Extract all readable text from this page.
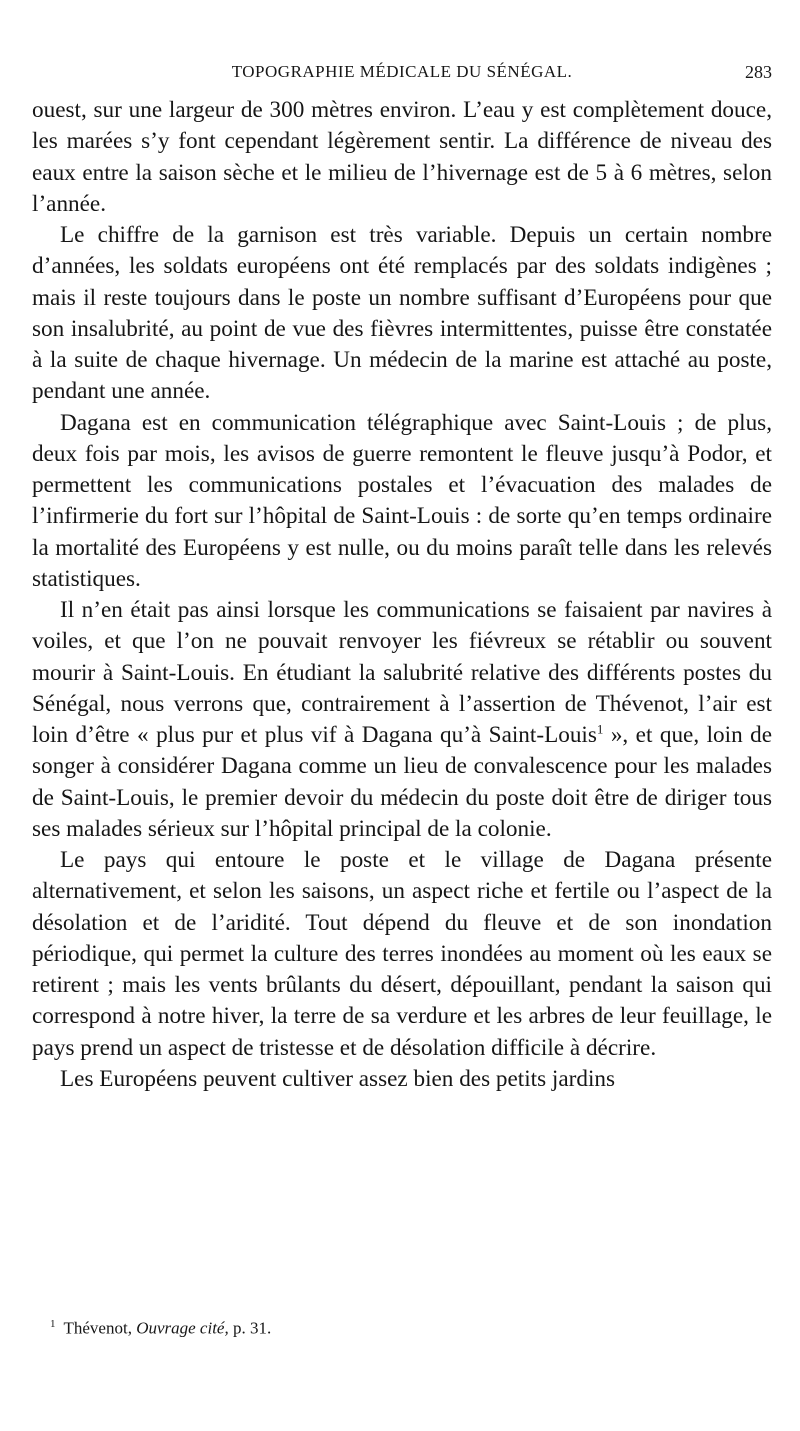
TOPOGRAPHIE MÉDICALE DU SÉNÉGAL.	283

ouest, sur une largeur de 300 mètres environ. L’eau y est complètement douce, les marées s’y font cependant légèrement sentir. La différence de niveau des eaux entre la saison sèche et le milieu de l’hivernage est de 5 à 6 mètres, selon l’année.

Le chiffre de la garnison est très variable. Depuis un certain nombre d’années, les soldats européens ont été remplacés par des soldats indigènes ; mais il reste toujours dans le poste un nombre suffisant d’Européens pour que son insalubrité, au point de vue des fièvres intermittentes, puisse être constatée à la suite de chaque hivernage. Un médecin de la marine est attaché au poste, pendant une année.

Dagana est en communication télégraphique avec Saint-Louis ; de plus, deux fois par mois, les avisos de guerre remontent le fleuve jusqu’à Podor, et permettent les communications postales et l’évacuation des malades de l’infirmerie du fort sur l’hôpital de Saint-Louis : de sorte qu’en temps ordinaire la mortalité des Européens y est nulle, ou du moins paraît telle dans les relevés statistiques.

Il n’en était pas ainsi lorsque les communications se faisaient par navires à voiles, et que l’on ne pouvait renvoyer les fiévreux se rétablir ou souvent mourir à Saint-Louis. En étudiant la salubrité relative des différents postes du Sénégal, nous verrons que, contrairement à l’assertion de Thévenot, l’air est loin d’être « plus pur et plus vif à Dagana qu’à Saint-Louis$^1$ », et que, loin de songer à considérer Dagana comme un lieu de convalescence pour les malades de Saint-Louis, le premier devoir du médecin du poste doit être de diriger tous ses malades sérieux sur l’hôpital principal de la colonie.

Le pays qui entoure le poste et le village de Dagana présente alternativement, et selon les saisons, un aspect riche et fertile ou l’aspect de la désolation et de l’aridité. Tout dépend du fleuve et de son inondation périodique, qui permet la culture des terres inondées au moment où les eaux se retirent ; mais les vents brûlants du désert, dépouillant, pendant la saison qui correspond à notre hiver, la terre de sa verdure et les arbres de leur feuillage, le pays prend un aspect de tristesse et de désolation difficile à décrire.

Les Européens peuvent cultiver assez bien des petits jardins

$^1$ Thévenot, Ouvrage cité, p. 31.
